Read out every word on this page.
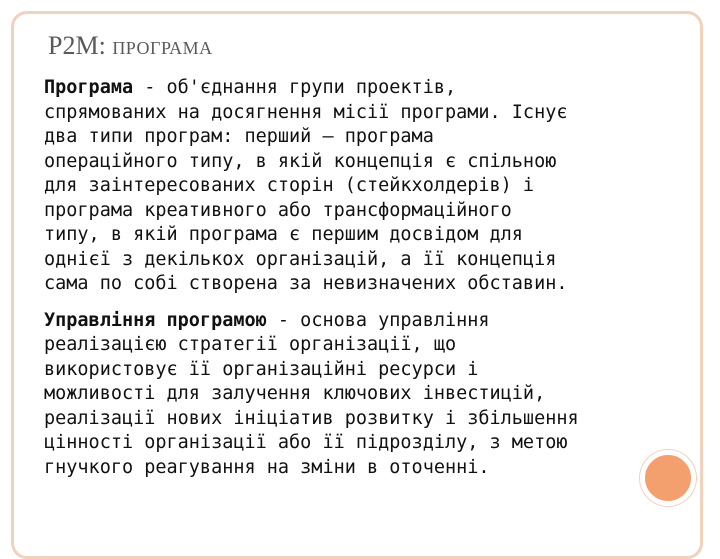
P2M: ПРОГРАМА

Програма - об'єднання групи проектів,
спрямованих на досягнення місії програми. Існує
два типи програм: перший – програма
операційного типу, в якій концепція є спільною
для заінтересованих сторін (стейкхолдерів) і
програма креативного або трансформаційного
типу, в якій програма є першим досвідом для
однієї з декількох організацій, а її концепція
сама по собі створена за невизначених обставин.

Управління програмою - основа управління
реалізацією стратегії організації, що
використовує її організаційні ресурси і
можливості для залучення ключових інвестицій,
реалізації нових ініціатив розвитку і збільшення
цінності організації або її підрозділу, з метою
гнучкого реагування на зміни в оточенні.
